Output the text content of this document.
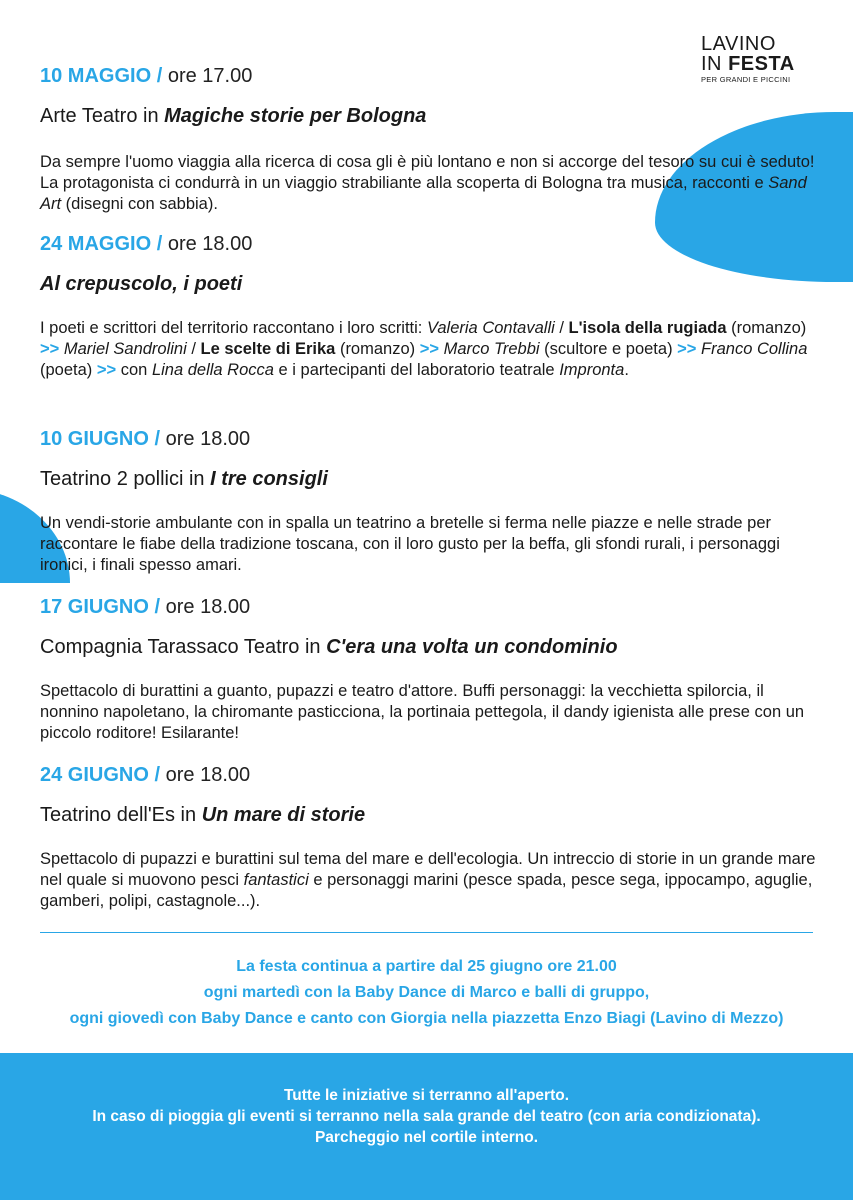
LAVINO
IN FESTA
PER GRANDI E PICCINI
10 MAGGIO / ore 17.00
Arte Teatro in Magiche storie per Bologna
Da sempre l'uomo viaggia alla ricerca di cosa gli è più lontano e non si accorge del tesoro su cui è seduto! La protagonista ci condurrà in un viaggio strabiliante alla scoperta di Bologna tra musica, racconti e Sand Art (disegni con sabbia).
24 MAGGIO / ore 18.00
Al crepuscolo, i poeti
I poeti e scrittori del territorio raccontano i loro scritti: Valeria Contavalli / L'isola della rugiada (romanzo) >> Mariel Sandrolini / Le scelte di Erika (romanzo) >> Marco Trebbi (scultore e poeta) >> Franco Collina (poeta) >> con Lina della Rocca e i partecipanti del laboratorio teatrale Impronta.
10 GIUGNO / ore 18.00
Teatrino 2 pollici in I tre consigli
Un vendi-storie ambulante con in spalla un teatrino a bretelle si ferma nelle piazze e nelle strade per raccontare le fiabe della tradizione toscana, con il loro gusto per la beffa, gli sfondi rurali, i personaggi ironici, i finali spesso amari.
17 GIUGNO / ore 18.00
Compagnia Tarassaco Teatro in C'era una volta un condominio
Spettacolo di burattini a guanto, pupazzi e teatro d'attore. Buffi personaggi: la vecchietta spilorcia, il nonnino napoletano, la chiromante pasticciona, la portinaia pettegola, il dandy igienista alle prese con un piccolo roditore! Esilarante!
24 GIUGNO / ore 18.00
Teatrino dell'Es in Un mare di storie
Spettacolo di pupazzi e burattini sul tema del mare e dell'ecologia. Un intreccio di storie in un grande mare nel quale si muovono pesci fantastici e personaggi marini (pesce spada, pesce sega, ippocampo, aguglie, gamberi, polipi, castagnole...).
La festa continua a partire dal 25 giugno ore 21.00
ogni martedì con la Baby Dance di Marco e balli di gruppo,
ogni giovedì con Baby Dance e canto con Giorgia nella piazzetta Enzo Biagi (Lavino di Mezzo)
Tutte le iniziative si terranno all'aperto.
In caso di pioggia gli eventi si terranno nella sala grande del teatro (con aria condizionata).
Parcheggio nel cortile interno.
